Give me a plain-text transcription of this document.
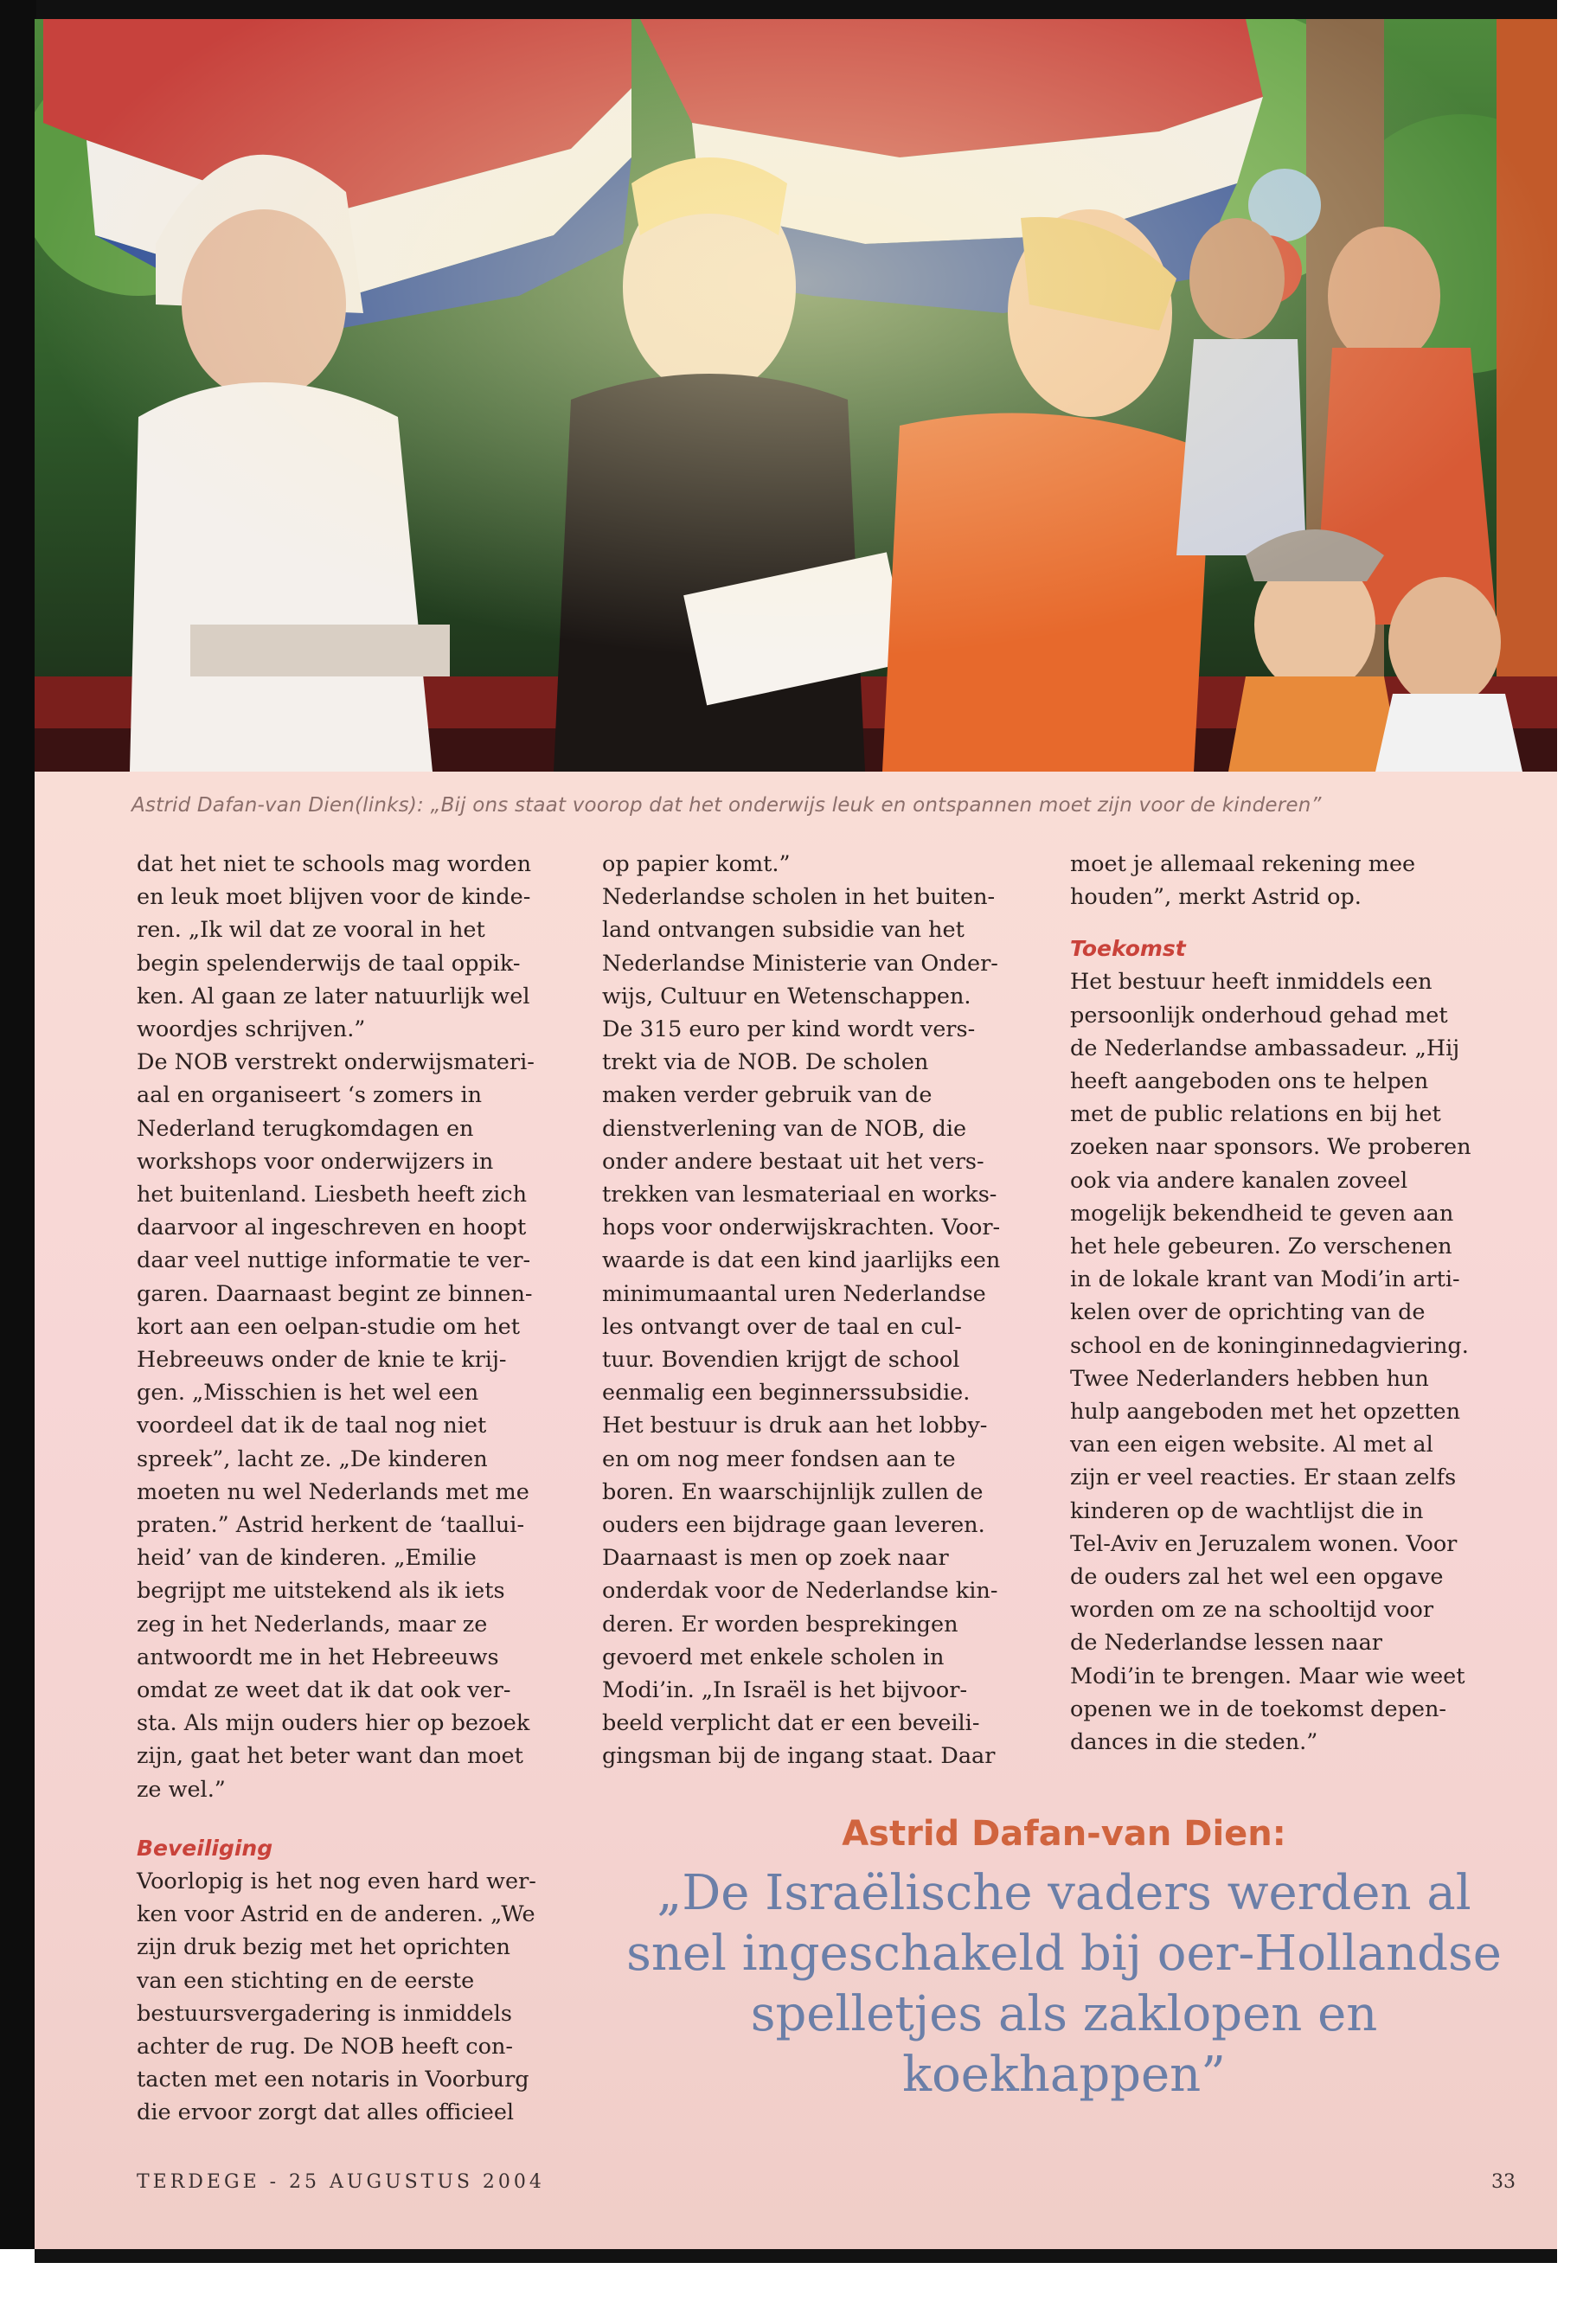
Astrid Dafan-van Dien(links): „Bij ons staat voorop dat het onderwijs leuk en ontspannen moet zijn voor de kinderen”

dat het niet te schools mag worden

en leuk moet blijven voor de kinde-

ren. „Ik wil dat ze vooral in het

begin spelenderwijs de taal oppik-

ken. Al gaan ze later natuurlijk wel

woordjes schrijven.”

De NOB verstrekt onderwijsmateri-

aal en organiseert ‘s zomers in

Nederland terugkomdagen en

workshops voor onderwijzers in

het buitenland. Liesbeth heeft zich

daarvoor al ingeschreven en hoopt

daar veel nuttige informatie te ver-

garen. Daarnaast begint ze binnen-

kort aan een oelpan-studie om het

Hebreeuws onder de knie te krij-

gen. „Misschien is het wel een

voordeel dat ik de taal nog niet

spreek”, lacht ze. „De kinderen

moeten nu wel Nederlands met me

praten.” Astrid herkent de ‘taallui-

heid’ van de kinderen. „Emilie

begrijpt me uitstekend als ik iets

zeg in het Nederlands, maar ze

antwoordt me in het Hebreeuws

omdat ze weet dat ik dat ook ver-

sta. Als mijn ouders hier op bezoek

zijn, gaat het beter want dan moet

ze wel.”

Beveiliging

Voorlopig is het nog even hard wer-

ken voor Astrid en de anderen. „We

zijn druk bezig met het oprichten

van een stichting en de eerste

bestuursvergadering is inmiddels

achter de rug. De NOB heeft con-

tacten met een notaris in Voorburg

die ervoor zorgt dat alles officieel

op papier komt.”

Nederlandse scholen in het buiten-

land ontvangen subsidie van het

Nederlandse Ministerie van Onder-

wijs, Cultuur en Wetenschappen.

De 315 euro per kind wordt vers-

trekt via de NOB. De scholen

maken verder gebruik van de

dienstverlening van de NOB, die

onder andere bestaat uit het vers-

trekken van lesmateriaal en works-

hops voor onderwijskrachten. Voor-

waarde is dat een kind jaarlijks een

minimumaantal uren Nederlandse

les ontvangt over de taal en cul-

tuur. Bovendien krijgt de school

eenmalig een beginnerssubsidie.

Het bestuur is druk aan het lobby-

en om nog meer fondsen aan te

boren. En waarschijnlijk zullen de

ouders een bijdrage gaan leveren.

Daarnaast is men op zoek naar

onderdak voor de Nederlandse kin-

deren. Er worden besprekingen

gevoerd met enkele scholen in

Modi’in. „In Israël is het bijvoor-

beeld verplicht dat er een beveili-

gingsman bij de ingang staat. Daar

moet je allemaal rekening mee

houden”, merkt Astrid op.

Toekomst

Het bestuur heeft inmiddels een

persoonlijk onderhoud gehad met

de Nederlandse ambassadeur. „Hij

heeft aangeboden ons te helpen

met de public relations en bij het

zoeken naar sponsors. We proberen

ook via andere kanalen zoveel

mogelijk bekendheid te geven aan

het hele gebeuren. Zo verschenen

in de lokale krant van Modi’in arti-

kelen over de oprichting van de

school en de koninginnedagviering.

Twee Nederlanders hebben hun

hulp aangeboden met het opzetten

van een eigen website. Al met al

zijn er veel reacties. Er staan zelfs

kinderen op de wachtlijst die in

Tel-Aviv en Jeruzalem wonen. Voor

de ouders zal het wel een opgave

worden om ze na schooltijd voor

de Nederlandse lessen naar

Modi’in te brengen. Maar wie weet

openen we in de toekomst depen-

dances in die steden.”

Astrid Dafan-van Dien:
„De Israëlische vaders werden al
snel ingeschakeld bij oer-Hollandse
spelletjes als zaklopen en
koekhappen”
TERDEGE - 25 AUGUSTUS 2004	33
